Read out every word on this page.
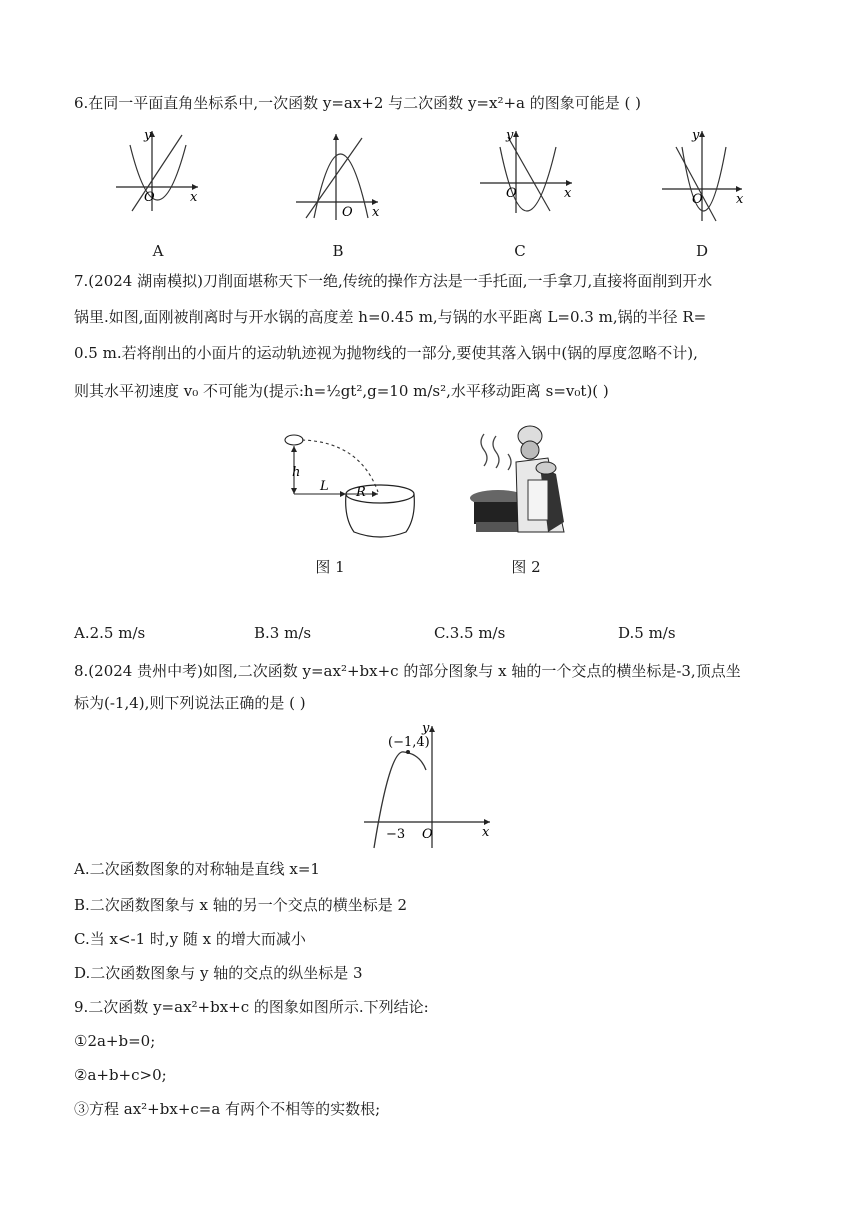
6.在同一平面直角坐标系中,一次函数 y=ax+2 与二次函数 y=x²+a 的图象可能是 ( )
y
x
O
A
O x
B
y
x
O
C
y
x
O
D
7.(2024 湖南模拟)刀削面堪称天下一绝,传统的操作方法是一手托面,一手拿刀,直接将面削到开水
锅里.如图,面刚被削离时与开水锅的高度差 h=0.45 m,与锅的水平距离 L=0.3 m,锅的半径 R=
0.5 m.若将削出的小面片的运动轨迹视为抛物线的一部分,要使其落入锅中(锅的厚度忽略不计),
则其水平初速度 v₀ 不可能为(提示:h=½gt²,g=10 m/s²,水平移动距离 s=v₀t)( )
h
L R
图 1	图 2
A.2.5 m/s	B.3 m/s	C.3.5 m/s	D.5 m/s
8.(2024 贵州中考)如图,二次函数 y=ax²+bx+c 的部分图象与 x 轴的一个交点的横坐标是-3,顶点坐
标为(-1,4),则下列说法正确的是 ( )
(−1,4)
−3 O	x
y
A.二次函数图象的对称轴是直线 x=1
B.二次函数图象与 x 轴的另一个交点的横坐标是 2
C.当 x<-1 时,y 随 x 的增大而减小
D.二次函数图象与 y 轴的交点的纵坐标是 3
9.二次函数 y=ax²+bx+c 的图象如图所示.下列结论:
①2a+b=0;
②a+b+c>0;
③方程 ax²+bx+c=a 有两个不相等的实数根;
